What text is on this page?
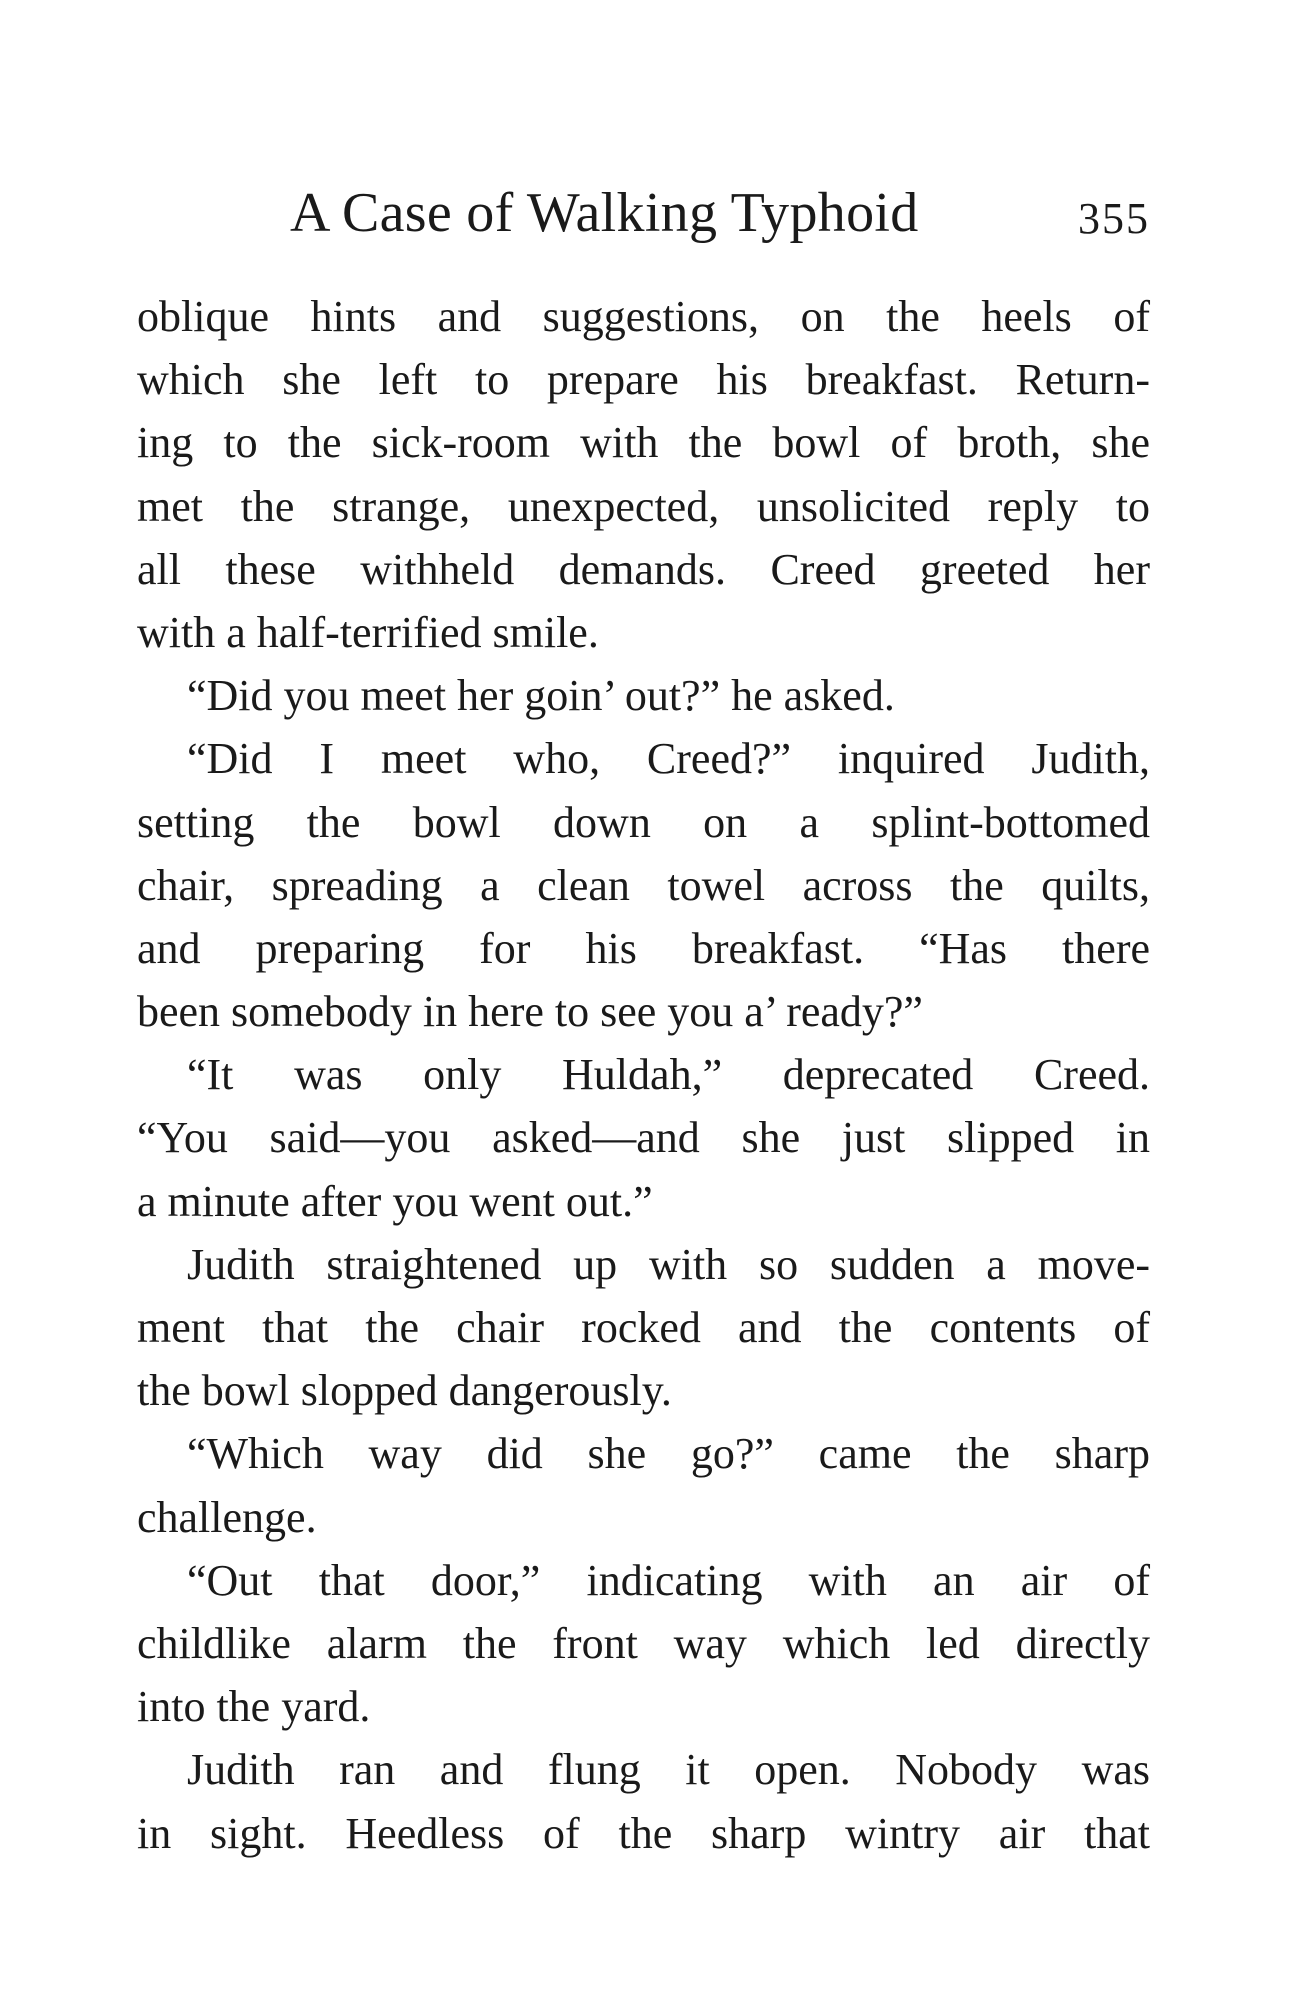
A Case of Walking Typhoid	355
oblique hints and suggestions, on the heels of
which she left to prepare his breakfast. Return-
ing to the sick-room with the bowl of broth, she
met the strange, unexpected, unsolicited reply to
all these withheld demands. Creed greeted her
with a half-terrified smile.
“Did you meet her goin’ out?” he asked.
“Did I meet who, Creed?” inquired Judith,
setting the bowl down on a splint-bottomed
chair, spreading a clean towel across the quilts,
and preparing for his breakfast. “Has there
been somebody in here to see you a’ ready?”
“It was only Huldah,” deprecated Creed.
“You said—you asked—and she just slipped in
a minute after you went out.”
Judith straightened up with so sudden a move-
ment that the chair rocked and the contents of
the bowl slopped dangerously.
“Which way did she go?” came the sharp
challenge.
“Out that door,” indicating with an air of
childlike alarm the front way which led directly
into the yard.
Judith ran and flung it open. Nobody was
in sight. Heedless of the sharp wintry air that
